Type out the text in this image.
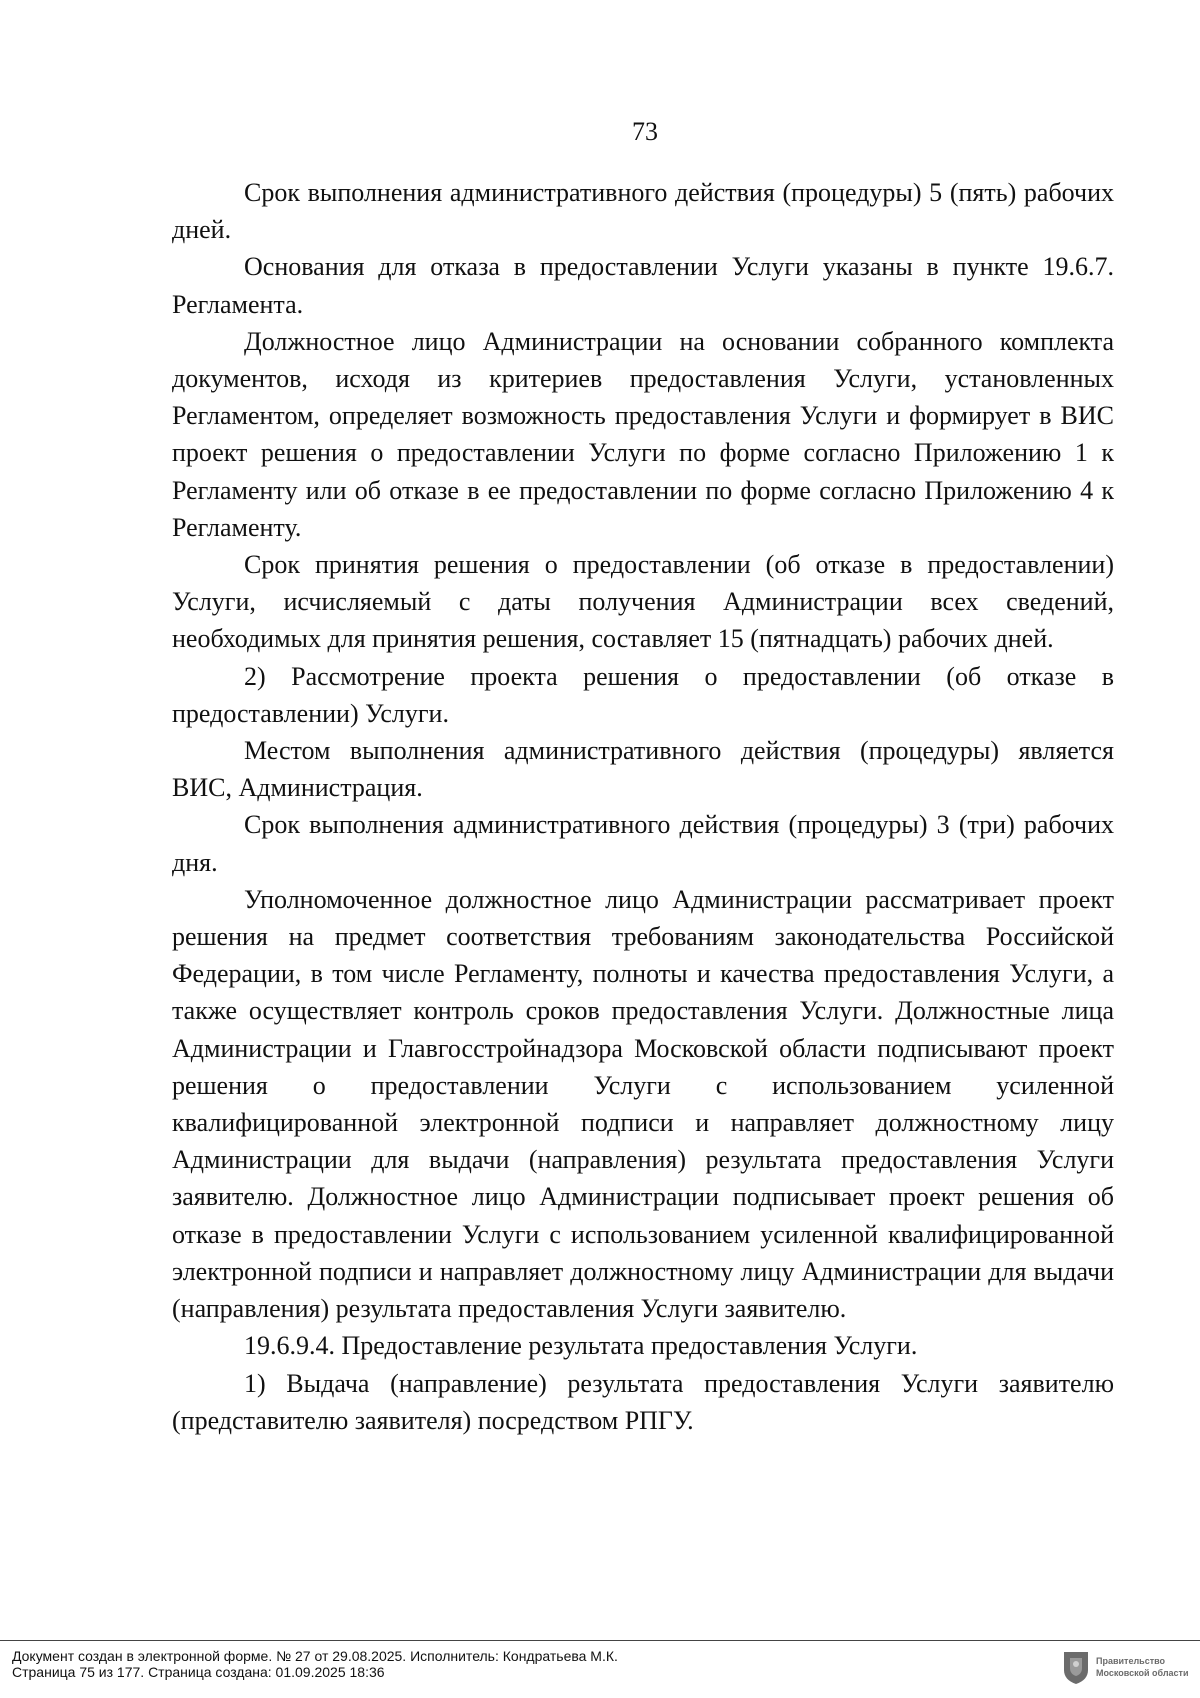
73

Срок выполнения административного действия (процедуры) 5 (пять) рабочих дней.

Основания для отказа в предоставлении Услуги указаны в пункте 19.6.7. Регламента.

Должностное лицо Администрации на основании собранного комплекта документов, исходя из критериев предоставления Услуги, установленных Регламентом, определяет возможность предоставления Услуги и формирует в ВИС проект решения о предоставлении Услуги по форме согласно Приложению 1 к Регламенту или об отказе в ее предоставлении по форме согласно Приложению 4 к Регламенту.

Срок принятия решения о предоставлении (об отказе в предоставлении) Услуги, исчисляемый с даты получения Администрации всех сведений, необходимых для принятия решения, составляет 15 (пятнадцать) рабочих дней.

2) Рассмотрение проекта решения о предоставлении (об отказе в предоставлении) Услуги.

Местом выполнения административного действия (процедуры) является ВИС, Администрация.

Срок выполнения административного действия (процедуры) 3 (три) рабочих дня.

Уполномоченное должностное лицо Администрации рассматривает проект решения на предмет соответствия требованиям законодательства Российской Федерации, в том числе Регламенту, полноты и качества предоставления Услуги, а также осуществляет контроль сроков предоставления Услуги. Должностные лица Администрации и Главгосстройнадзора Московской области подписывают проект решения о предоставлении Услуги с использованием усиленной квалифицированной электронной подписи и направляет должностному лицу Администрации для выдачи (направления) результата предоставления Услуги заявителю. Должностное лицо Администрации подписывает проект решения об отказе в предоставлении Услуги с использованием усиленной квалифицированной электронной подписи и направляет должностному лицу Администрации для выдачи (направления) результата предоставления Услуги заявителю.

19.6.9.4. Предоставление результата предоставления Услуги.

1) Выдача (направление) результата предоставления Услуги заявителю (представителю заявителя) посредством РПГУ.

Документ создан в электронной форме. № 27 от 29.08.2025. Исполнитель: Кондратьева М.К.
Страница 75 из 177. Страница создана: 01.09.2025 18:36
Правительство
Московской области
